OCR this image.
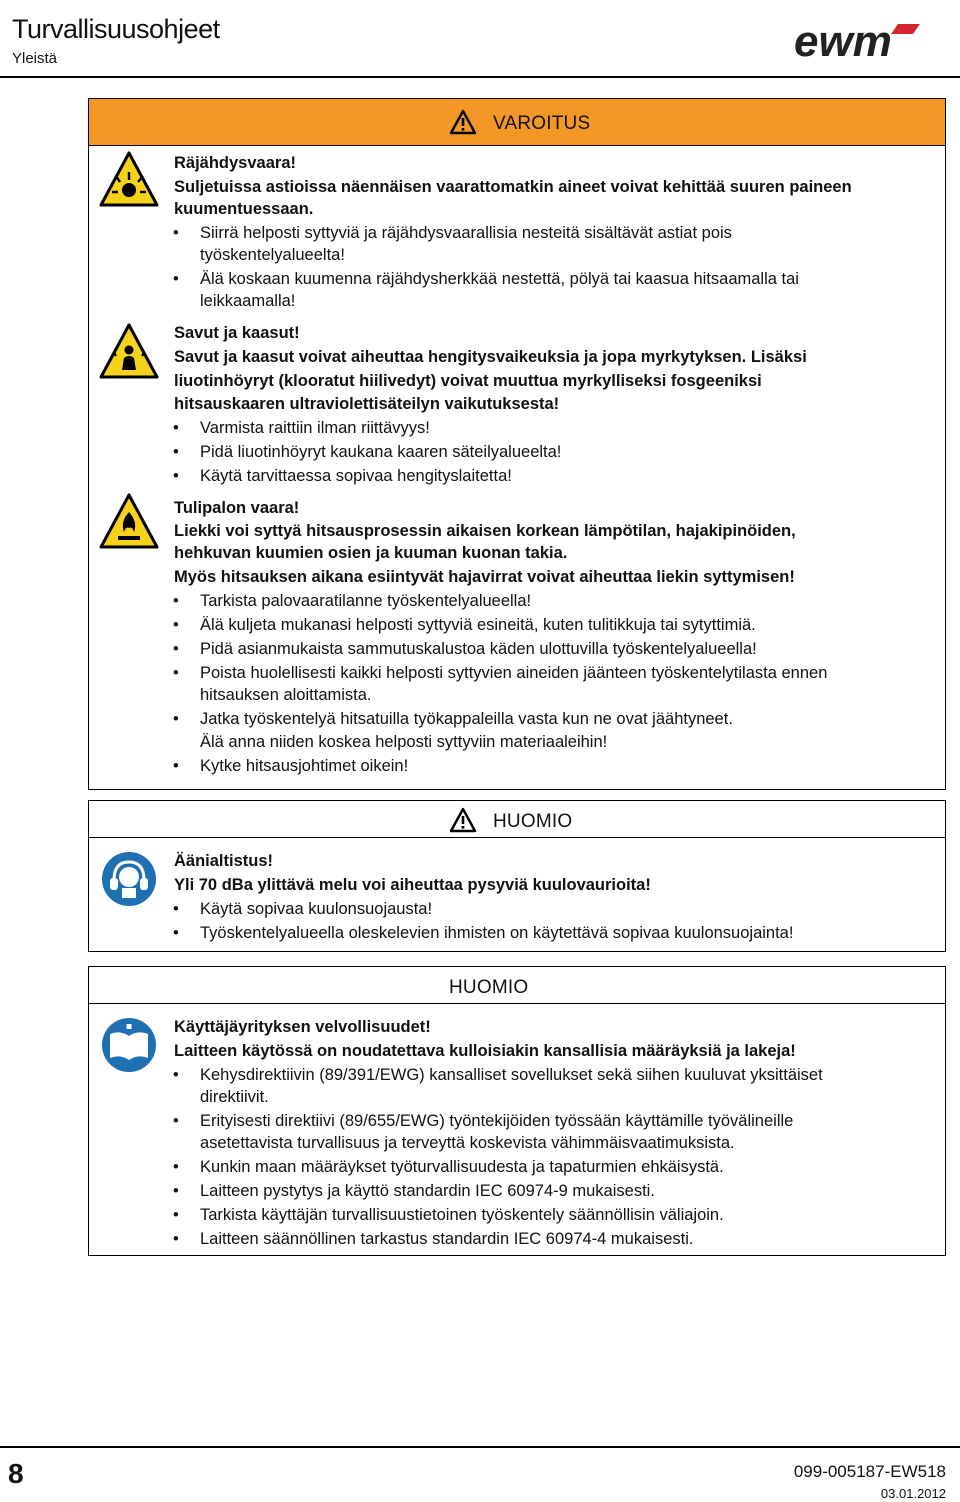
Turvallisuusohjeet
Yleistä	ewm
VAROITUS
Räjähdysvaara!
Suljetuissa astioissa näennäisen vaarattomatkin aineet voivat kehittää suuren paineen
kuumentuessaan.
Siirrä helposti syttyviä ja räjähdysvaarallisia nesteitä sisältävät astiat pois
työskentelyalueelta!
Älä koskaan kuumenna räjähdysherkkää nestettä, pölyä tai kaasua hitsaamalla tai
leikkaamalla!
Savut ja kaasut!
Savut ja kaasut voivat aiheuttaa hengitysvaikeuksia ja jopa myrkytyksen. Lisäksi
liuotinhöyryt (klooratut hiilivedyt) voivat muuttua myrkylliseksi fosgeeniksi
hitsauskaaren ultraviolettisäteilyn vaikutuksesta!
Varmista raittiin ilman riittävyys!
Pidä liuotinhöyryt kaukana kaaren säteilyalueelta!
Käytä tarvittaessa sopivaa hengityslaitetta!
Tulipalon vaara!
Liekki voi syttyä hitsausprosessin aikaisen korkean lämpötilan, hajakipinöiden,
hehkuvan kuumien osien ja kuuman kuonan takia.
Myös hitsauksen aikana esiintyvät hajavirrat voivat aiheuttaa liekin syttymisen!
Tarkista palovaaratilanne työskentelyalueella!
Älä kuljeta mukanasi helposti syttyviä esineitä, kuten tulitikkuja tai sytyttimiä.
Pidä asianmukaista sammutuskalustoa käden ulottuvilla työskentelyalueella!
Poista huolellisesti kaikki helposti syttyvien aineiden jäänteen työskentelytilasta ennen
hitsauksen aloittamista.
Jatka työskentelyä hitsatuilla työkappaleilla vasta kun ne ovat jäähtyneet.
Älä anna niiden koskea helposti syttyviin materiaaleihin!
Kytke hitsausjohtimet oikein!
HUOMIO
Äänialtistus!
Yli 70 dBa ylittävä melu voi aiheuttaa pysyviä kuulovaurioita!
Käytä sopivaa kuulonsuojausta!
Työskentelyalueella oleskelevien ihmisten on käytettävä sopivaa kuulonsuojainta!
HUOMIO
Käyttäjäyrityksen velvollisuudet!
Laitteen käytössä on noudatettava kulloisiakin kansallisia määräyksiä ja lakeja!
Kehysdirektiivin (89/391/EWG) kansalliset sovellukset sekä siihen kuuluvat yksittäiset
direktiivit.
Erityisesti direktiivi (89/655/EWG) työntekijöiden työssään käyttämille työvälineille
asetettavista turvallisuus ja terveyttä koskevista vähimmäisvaatimuksista.
Kunkin maan määräykset työturvallisuudesta ja tapaturmien ehkäisystä.
Laitteen pystytys ja käyttö standardin IEC 60974-9 mukaisesti.
Tarkista käyttäjän turvallisuustietoinen työskentely säännöllisin väliajoin.
Laitteen säännöllinen tarkastus standardin IEC 60974-4 mukaisesti.
8	099-005187-EW518
03.01.2012
